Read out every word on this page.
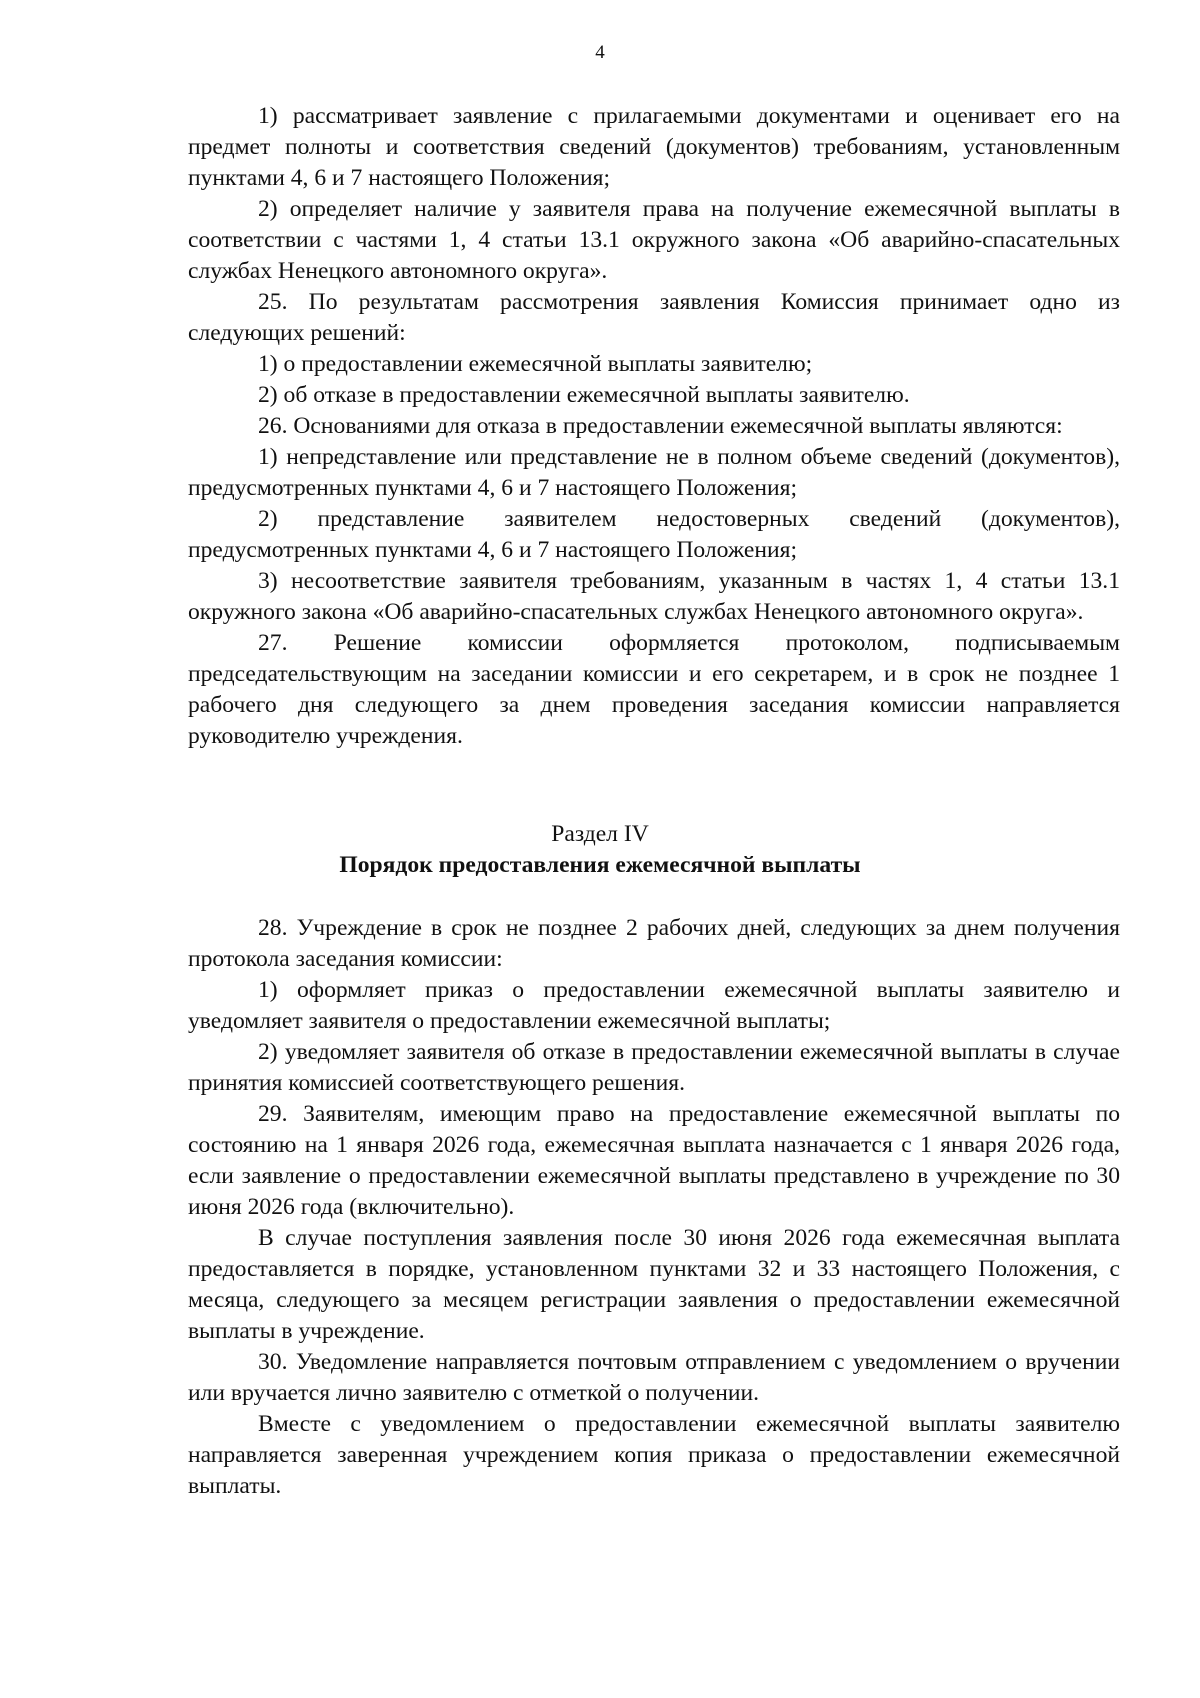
4

1) рассматривает заявление с прилагаемыми документами и оценивает его на предмет полноты и соответствия сведений (документов) требованиям, установленным пунктами 4, 6 и 7 настоящего Положения;

2) определяет наличие у заявителя права на получение ежемесячной выплаты в соответствии с частями 1, 4 статьи 13.1 окружного закона «Об аварийно-спасательных службах Ненецкого автономного округа».

25. По результатам рассмотрения заявления Комиссия принимает одно из следующих решений:

1) о предоставлении ежемесячной выплаты заявителю;

2) об отказе в предоставлении ежемесячной выплаты заявителю.

26. Основаниями для отказа в предоставлении ежемесячной выплаты являются:

1) непредставление или представление не в полном объеме сведений (документов), предусмотренных пунктами 4, 6 и 7 настоящего Положения;

2) представление заявителем недостоверных сведений (документов), предусмотренных пунктами 4, 6 и 7 настоящего Положения;

3) несоответствие заявителя требованиям, указанным в частях 1, 4 статьи 13.1 окружного закона «Об аварийно-спасательных службах Ненецкого автономного округа».

27. Решение комиссии оформляется протоколом, подписываемым председательствующим на заседании комиссии и его секретарем, и в срок не позднее 1 рабочего дня следующего за днем проведения заседания комиссии направляется руководителю учреждения.

Раздел IV
Порядок предоставления ежемесячной выплаты

28. Учреждение в срок не позднее 2 рабочих дней, следующих за днем получения протокола заседания комиссии:

1) оформляет приказ о предоставлении ежемесячной выплаты заявителю и уведомляет заявителя о предоставлении ежемесячной выплаты;

2) уведомляет заявителя об отказе в предоставлении ежемесячной выплаты в случае принятия комиссией соответствующего решения.

29. Заявителям, имеющим право на предоставление ежемесячной выплаты по состоянию на 1 января 2026 года, ежемесячная выплата назначается с 1 января 2026 года, если заявление о предоставлении ежемесячной выплаты представлено в учреждение по 30 июня 2026 года (включительно).

В случае поступления заявления после 30 июня 2026 года ежемесячная выплата предоставляется в порядке, установленном пунктами 32 и 33 настоящего Положения, с месяца, следующего за месяцем регистрации заявления о предоставлении ежемесячной выплаты в учреждение.

30. Уведомление направляется почтовым отправлением с уведомлением о вручении или вручается лично заявителю с отметкой о получении.

Вместе с уведомлением о предоставлении ежемесячной выплаты заявителю направляется заверенная учреждением копия приказа о предоставлении ежемесячной выплаты.
